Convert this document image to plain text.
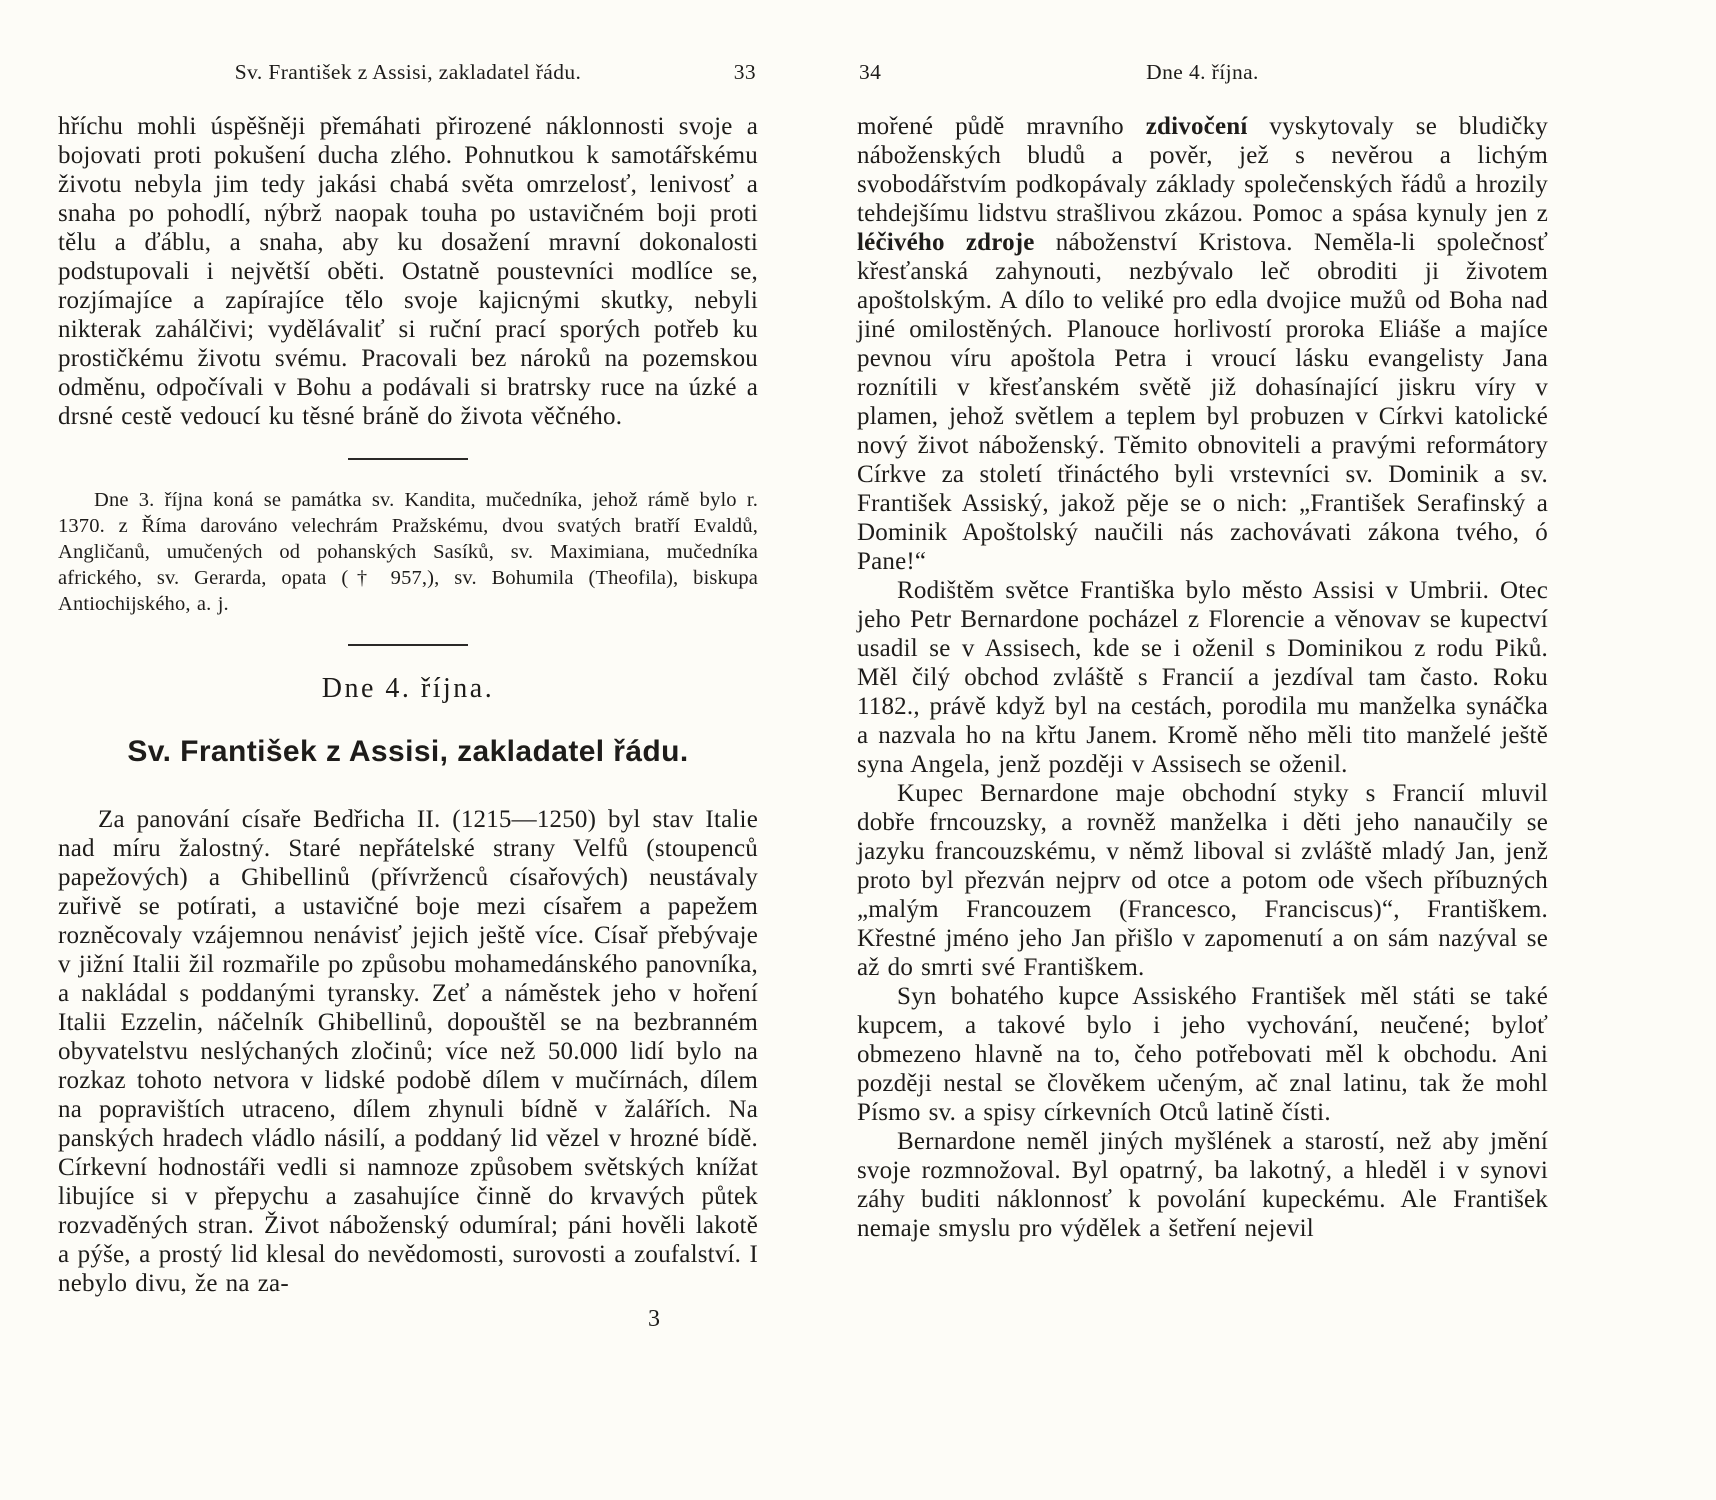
Sv. František z Assisi, zakladatel řádu.	33

hříchu mohli úspěšněji přemáhati přirozené náklonnosti svoje a bojovati proti pokušení ducha zlého. Pohnutkou k samotářskému životu nebyla jim tedy jakási chabá světa omrzelosť, lenivosť a snaha po pohodlí, nýbrž naopak touha po ustavičném boji proti tělu a ďáblu, a snaha, aby ku dosažení mravní dokonalosti podstupovali i největší oběti. Ostatně poustevníci modlíce se, rozjímajíce a zapírajíce tělo svoje kajicnými skutky, nebyli nikterak zahálčivi; vydělávaliť si ruční prací sporých potřeb ku prostičkému životu svému. Pracovali bez nároků na pozemskou odměnu, odpočívali v Bohu a podávali si bratrsky ruce na úzké a drsné cestě vedoucí ku těsné bráně do života věčného.

Dne 3. října koná se památka sv. Kandita, mučedníka, jehož rámě bylo r. 1370. z Říma darováno velechrám Pražskému, dvou svatých bratří Evaldů, Angličanů, umučených od pohanských Sasíků, sv. Maximiana, mučedníka afrického, sv. Gerarda, opata († 957,), sv. Bohumila (Theofila), biskupa Antiochijského, a. j.

Dne 4. října.
Sv. František z Assisi, zakladatel řádu.

Za panování císaře Bedřicha II. (1215—1250) byl stav Italie nad míru žalostný. Staré nepřátelské strany Velfů (stoupenců papežových) a Ghibellinů (přívrženců císařových) neustávaly zuřivě se potírati, a ustavičné boje mezi císařem a papežem rozněcovaly vzájemnou nenávisť jejich ještě více. Císař přebývaje v jižní Italii žil rozmařile po způsobu mohamedánského panovníka, a nakládal s poddanými tyransky. Zeť a náměstek jeho v hoření Italii Ezzelin, náčelník Ghibellinů, dopouštěl se na bezbranném obyvatelstvu neslýchaných zločinů; více než 50.000 lidí bylo na rozkaz tohoto netvora v lidské podobě dílem v mučírnách, dílem na popravištích utraceno, dílem zhynuli bídně v žalářích. Na panských hradech vládlo násilí, a poddaný lid vězel v hrozné bídě. Církevní hodnostáři vedli si namnoze způsobem světských knížat libujíce si v přepychu a zasahujíce činně do krvavých půtek rozvaděných stran. Život náboženský odumíral; páni hověli lakotě a pýše, a prostý lid klesal do nevědomosti, surovosti a zoufalství. I nebylo divu, že na za-

3
34	Dne 4. října.

mořené půdě mravního zdivočení vyskytovaly se bludičky náboženských bludů a pověr, jež s nevěrou a lichým svobodářstvím podkopávaly základy společenských řádů a hrozily tehdejšímu lidstvu strašlivou zkázou. Pomoc a spása kynuly jen z léčivého zdroje náboženství Kristova. Neměla-li společnosť křesťanská zahynouti, nezbývalo leč obroditi ji životem apoštolským. A dílo to veliké pro edla dvojice mužů od Boha nad jiné omilostěných. Planouce horlivostí proroka Eliáše a majíce pevnou víru apoštola Petra i vroucí lásku evangelisty Jana roznítili v křesťanském světě již dohasínající jiskru víry v plamen, jehož světlem a teplem byl probuzen v Církvi katolické nový život náboženský. Těmito obnoviteli a pravými reformátory Církve za století třináctého byli vrstevníci sv. Dominik a sv. František Assiský, jakož pěje se o nich: „František Serafinský a Dominik Apoštolský naučili nás zachovávati zákona tvého, ó Pane!“

Rodištěm světce Františka bylo město Assisi v Umbrii. Otec jeho Petr Bernardone pocházel z Florencie a věnovav se kupectví usadil se v Assisech, kde se i oženil s Dominikou z rodu Piků. Měl čilý obchod zvláště s Francií a jezdíval tam často. Roku 1182., právě když byl na cestách, porodila mu manželka synáčka a nazvala ho na křtu Janem. Kromě něho měli tito manželé ještě syna Angela, jenž později v Assisech se oženil.

Kupec Bernardone maje obchodní styky s Francií mluvil dobře frncouzsky, a rovněž manželka i děti jeho nanaučily se jazyku francouzskému, v němž liboval si zvláště mladý Jan, jenž proto byl přezván nejprv od otce a potom ode všech příbuzných „malým Francouzem (Francesco, Franciscus)“, Františkem. Křestné jméno jeho Jan přišlo v zapomenutí a on sám nazýval se až do smrti své Františkem.

Syn bohatého kupce Assiského František měl státi se také kupcem, a takové bylo i jeho vychování, neučené; byloť obmezeno hlavně na to, čeho potřebovati měl k obchodu. Ani později nestal se člověkem učeným, ač znal latinu, tak že mohl Písmo sv. a spisy církevních Otců latině čísti.

Bernardone neměl jiných myšlének a starostí, než aby jmění svoje rozmnožoval. Byl opatrný, ba lakotný, a hleděl i v synovi záhy buditi náklonnosť k povolání kupeckému. Ale František nemaje smyslu pro výdělek a šetření nejevil
